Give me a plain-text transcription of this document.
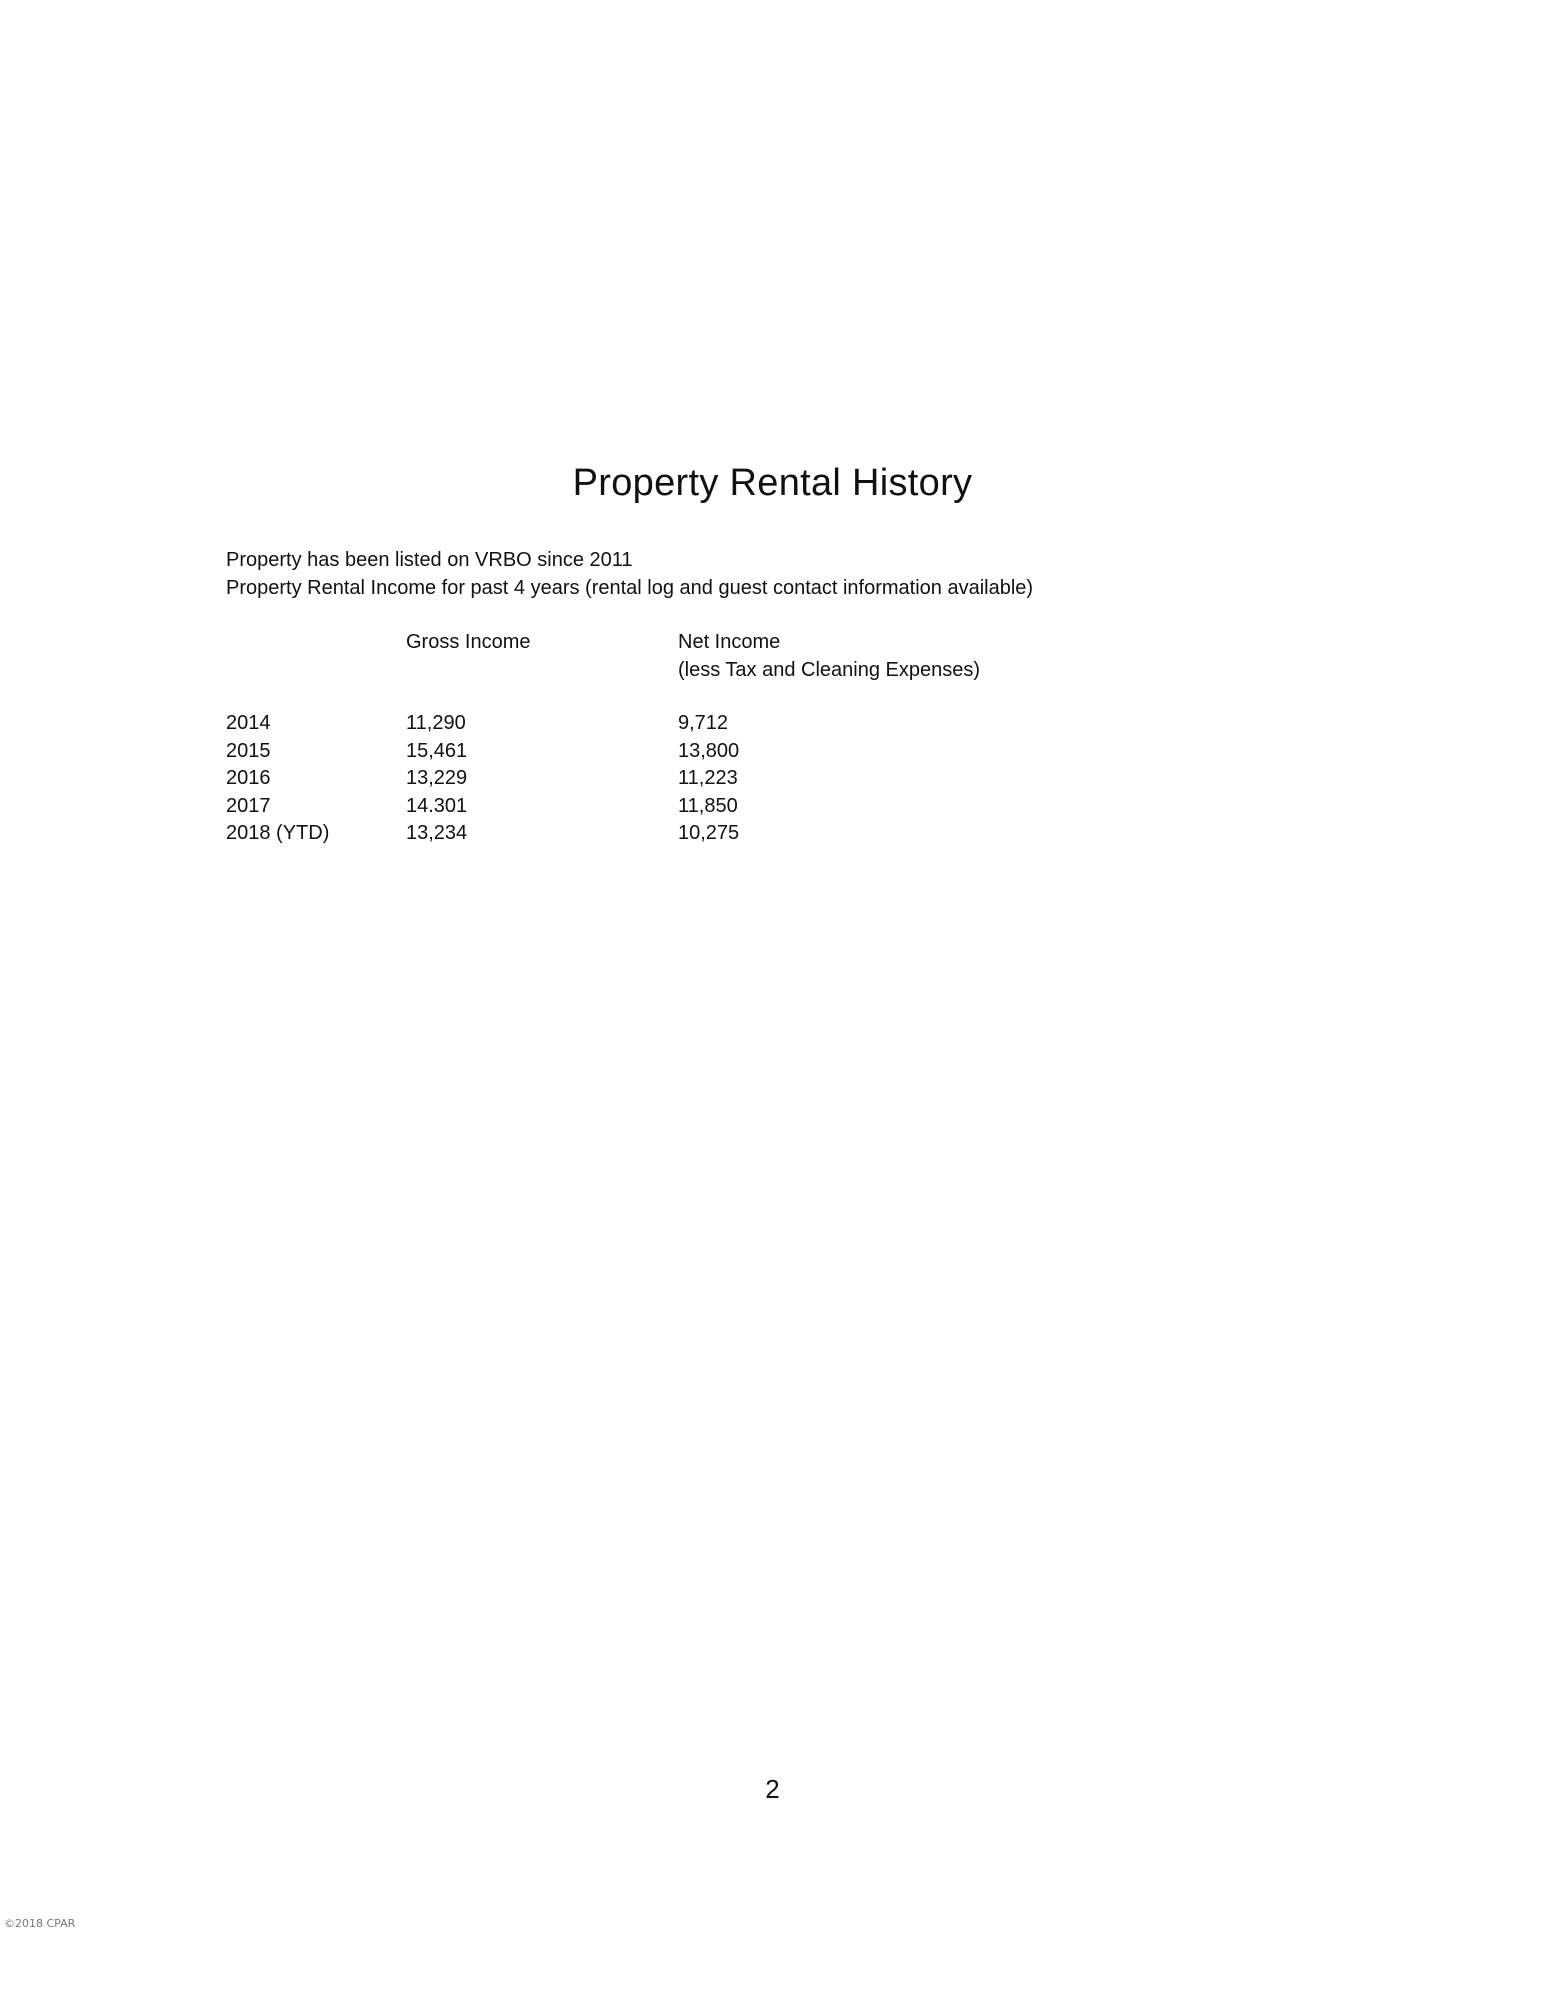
Property Rental History
Property has been listed on VRBO since 2011
Property Rental Income for past 4 years (rental log and guest contact information available)
Gross Income	Net Income
(less Tax and Cleaning Expenses)
2014	11,290	9,712
2015	15,461	13,800
2016	13,229	11,223
2017	14.301	11,850
2018 (YTD)	13,234	10,275
2
©2018 CPAR
